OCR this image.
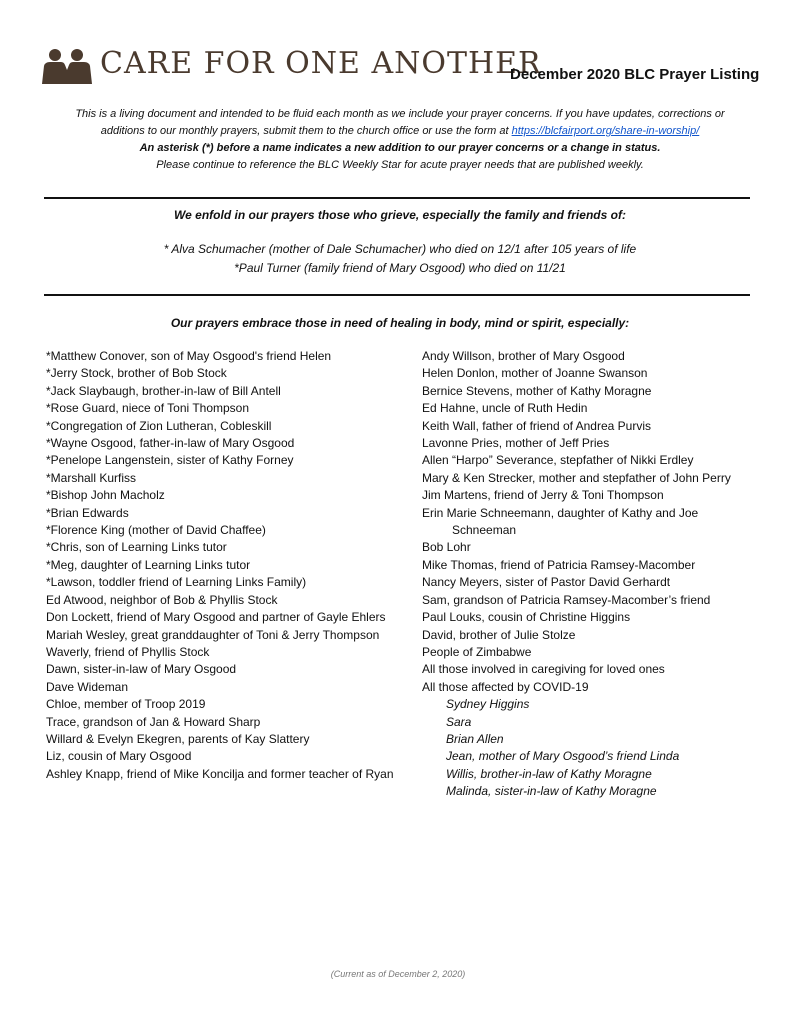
CARE FOR ONE ANOTHER
December 2020 BLC Prayer Listing

This is a living document and intended to be fluid each month as we include your prayer concerns. If you have updates, corrections or

additions to our monthly prayers, submit them to the church office or use the form at https://blcfairport.org/share-in-worship/

An asterisk (*) before a name indicates a new addition to our prayer concerns or a change in status.

Please continue to reference the BLC Weekly Star for acute prayer needs that are published weekly.

We enfold in our prayers those who grieve, especially the family and friends of:
* Alva Schumacher (mother of Dale Schumacher) who died on 12/1 after 105 years of life
*Paul Turner (family friend of Mary Osgood) who died on 11/21
Our prayers embrace those in need of healing in body, mind or spirit, especially:
*Matthew Conover, son of May Osgood's friend Helen
*Jerry Stock, brother of Bob Stock
*Jack Slaybaugh, brother-in-law of Bill Antell
*Rose Guard, niece of Toni Thompson
*Congregation of Zion Lutheran, Cobleskill
*Wayne Osgood, father-in-law of Mary Osgood
*Penelope Langenstein, sister of Kathy Forney
*Marshall Kurfiss
*Bishop John Macholz
*Brian Edwards
*Florence King (mother of David Chaffee)
*Chris, son of Learning Links tutor
*Meg, daughter of Learning Links tutor
*Lawson, toddler friend of Learning Links Family)
Ed Atwood, neighbor of Bob & Phyllis Stock
Don Lockett, friend of Mary Osgood and partner of Gayle Ehlers
Mariah Wesley, great granddaughter of Toni & Jerry Thompson
Waverly, friend of Phyllis Stock
Dawn, sister-in-law of Mary Osgood
Dave Wideman
Chloe, member of Troop 2019
Trace, grandson of Jan & Howard Sharp
Willard & Evelyn Ekegren, parents of Kay Slattery
Liz, cousin of Mary Osgood
Ashley Knapp, friend of Mike Koncilja and former teacher of Ryan
Andy Willson, brother of Mary Osgood
Helen Donlon, mother of Joanne Swanson
Bernice Stevens, mother of Kathy Moragne
Ed Hahne, uncle of Ruth Hedin
Keith Wall, father of friend of Andrea Purvis
Lavonne Pries, mother of Jeff Pries
Allen “Harpo” Severance, stepfather of Nikki Erdley
Mary & Ken Strecker, mother and stepfather of John Perry
Jim Martens, friend of Jerry & Toni Thompson
Erin Marie Schneemann, daughter of Kathy and Joe Schneeman
Bob Lohr
Mike Thomas, friend of Patricia Ramsey-Macomber
Nancy Meyers, sister of Pastor David Gerhardt
Sam, grandson of Patricia Ramsey-Macomber’s friend
Paul Louks, cousin of Christine Higgins
David, brother of Julie Stolze
People of Zimbabwe
All those involved in caregiving for loved ones
All those affected by COVID-19
Sydney Higgins
Sara
Brian Allen
Jean, mother of Mary Osgood’s friend Linda
Willis, brother-in-law of Kathy Moragne
Malinda, sister-in-law of Kathy Moragne
(Current as of December 2, 2020)
